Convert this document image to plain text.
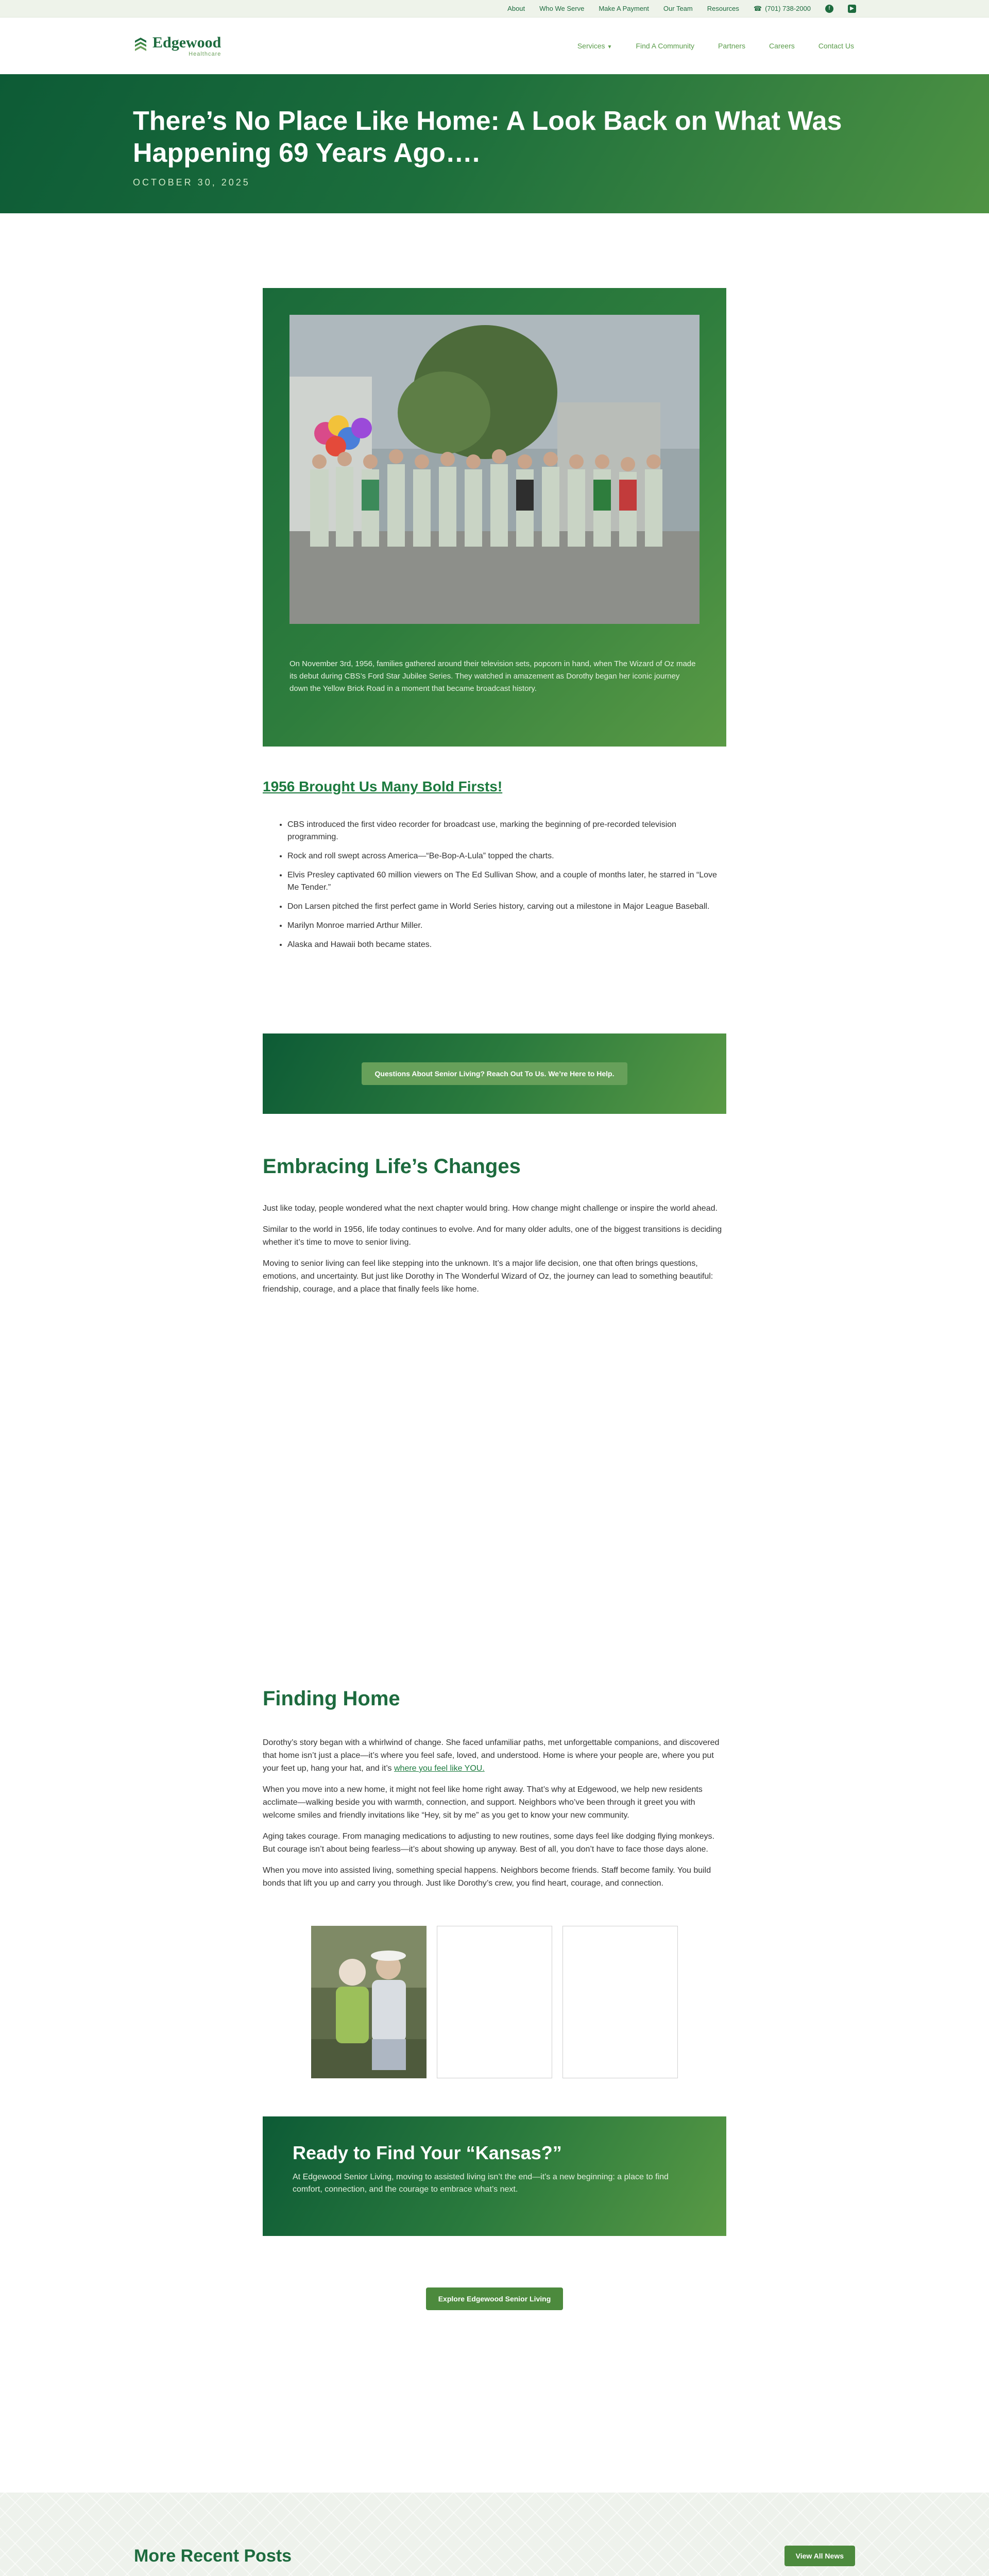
About Who We Serve Make A Payment Our Team Resources ☎ (701) 738-2000	f	▶
Edgewood
Healthcare
Services ▼	Find A Community	Partners	Careers	Contact Us
There’s No Place Like Home: A Look Back on What Was Happening 69 Years Ago….
OCTOBER 30, 2025

On November 3rd, 1956, families gathered around their television sets, popcorn in hand, when The Wizard of Oz made its debut during CBS’s Ford Star Jubilee Series. They watched in amazement as Dorothy began her iconic journey down the Yellow Brick Road in a moment that became broadcast history.

1956 Brought Us Many Bold Firsts!
• CBS introduced the first video recorder for broadcast use, marking the beginning of pre-recorded television programming.
• Rock and roll swept across America—“Be-Bop-A-Lula” topped the charts.
• Elvis Presley captivated 60 million viewers on The Ed Sullivan Show, and a couple of months later, he starred in “Love Me Tender.”
• Don Larsen pitched the first perfect game in World Series history, carving out a milestone in Major League Baseball.
• Marilyn Monroe married Arthur Miller.
• Alaska and Hawaii both became states.
Questions About Senior Living? Reach Out To Us. We’re Here to Help.
Embracing Life’s Changes

Just like today, people wondered what the next chapter would bring. How change might challenge or inspire the world ahead.

Similar to the world in 1956, life today continues to evolve. And for many older adults, one of the biggest transitions is deciding whether it’s time to move to senior living.

Moving to senior living can feel like stepping into the unknown. It’s a major life decision, one that often brings questions, emotions, and uncertainty. But just like Dorothy in The Wonderful Wizard of Oz, the journey can lead to something beautiful: friendship, courage, and a place that finally feels like home.

Finding Home

Dorothy’s story began with a whirlwind of change. She faced unfamiliar paths, met unforgettable companions, and discovered that home isn’t just a place—it’s where you feel safe, loved, and understood. Home is where your people are, where you put your feet up, hang your hat, and it’s where you feel like YOU.

When you move into a new home, it might not feel like home right away. That’s why at Edgewood, we help new residents acclimate—walking beside you with warmth, connection, and support. Neighbors who’ve been through it greet you with welcome smiles and friendly invitations like “Hey, sit by me” as you get to know your new community.

Aging takes courage. From managing medications to adjusting to new routines, some days feel like dodging flying monkeys. But courage isn’t about being fearless—it’s about showing up anyway. Best of all, you don’t have to face those days alone.

When you move into assisted living, something special happens. Neighbors become friends. Staff become family. You build bonds that lift you up and carry you through. Just like Dorothy’s crew, you find heart, courage, and connection.

Ready to Find Your “Kansas?”

At Edgewood Senior Living, moving to assisted living isn’t the end—it’s a new beginning: a place to find comfort, connection, and the courage to embrace what’s next.

Explore Edgewood Senior Living
More Recent Posts	View All News
